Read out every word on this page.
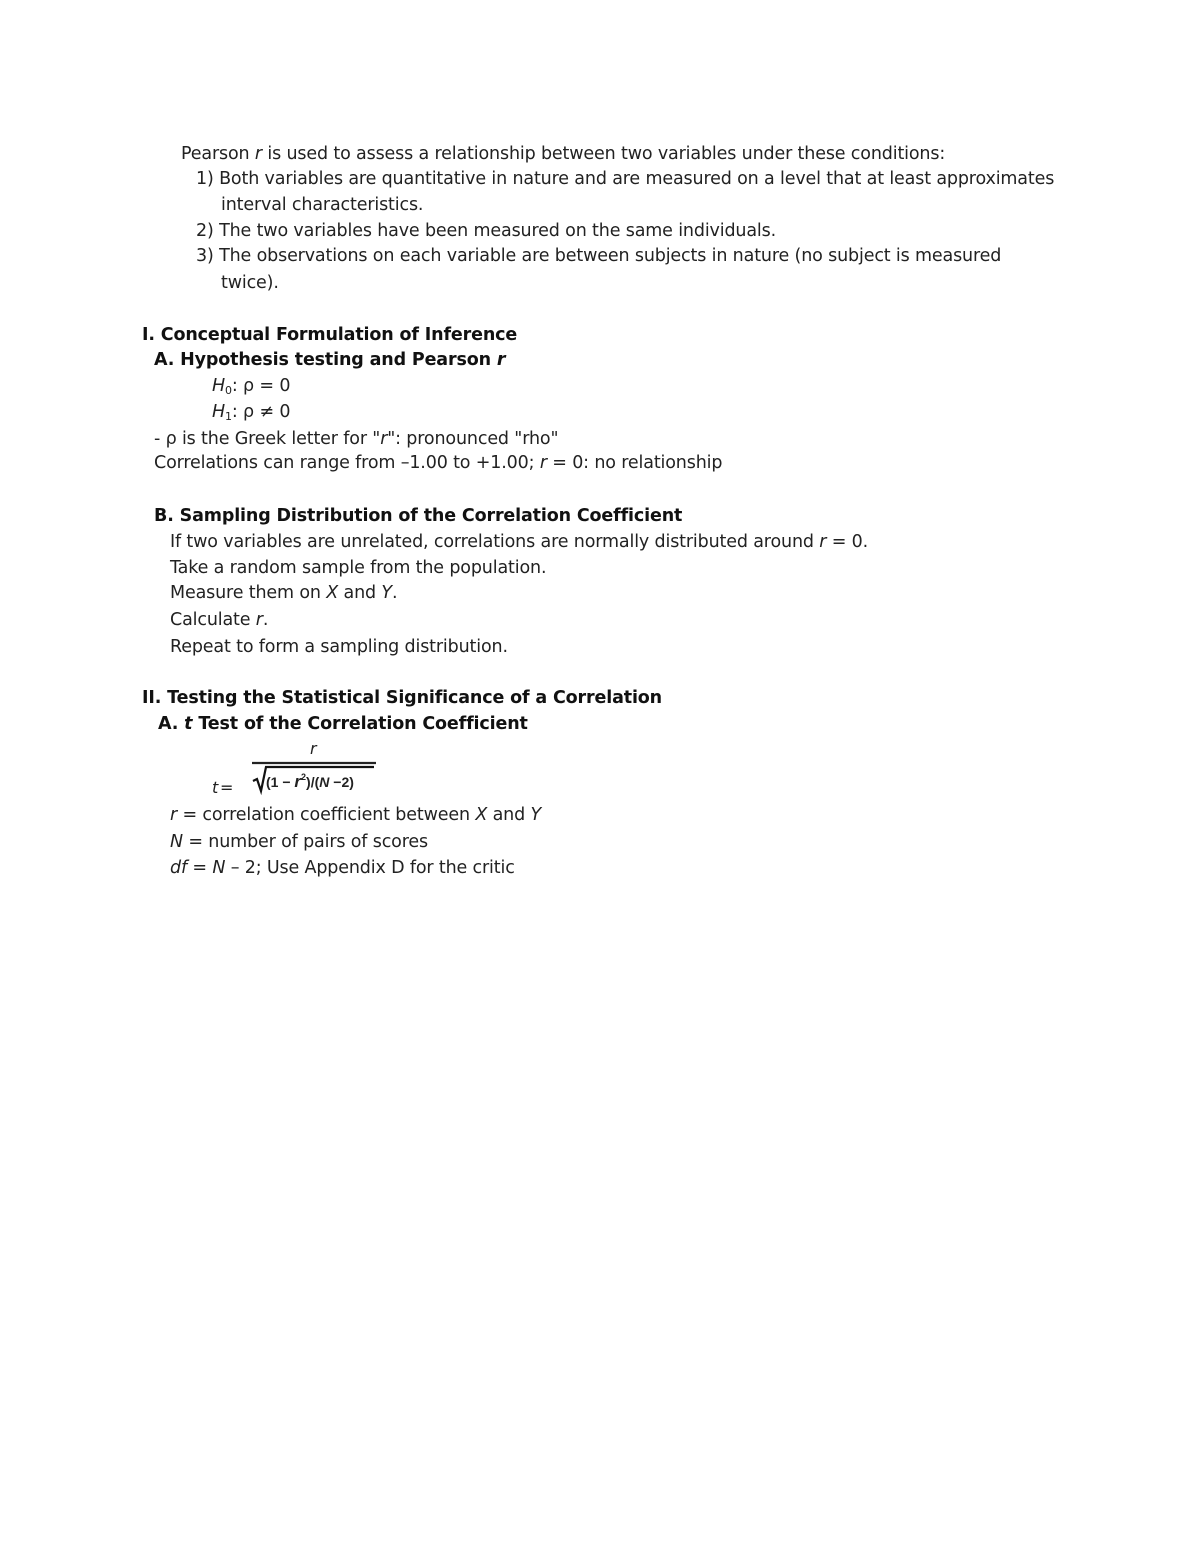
Pearson r is used to assess a relationship between two variables under these conditions:
1) Both variables are quantitative in nature and are measured on a level that at least approximates
interval characteristics.
2) The two variables have been measured on the same individuals.
3) The observations on each variable are between subjects in nature (no subject is measured
twice).
I. Conceptual Formulation of Inference
A. Hypothesis testing and Pearson r
$H_0$: ρ = 0
$H_1$: ρ ≠ 0
- ρ is the Greek letter for "r": pronounced "rho"
Correlations can range from –1.00 to +1.00; r = 0: no relationship
B. Sampling Distribution of the Correlation Coefficient
If two variables are unrelated, correlations are normally distributed around r = 0.
Take a random sample from the population.
Measure them on X and Y.
Calculate r.
Repeat to form a sampling distribution.
II. Testing the Statistical Significance of a Correlation
A. t Test of the Correlation Coefficient
t =
r
$(1 - r^2)/(N -2)$
r = correlation coefficient between X and Y
N = number of pairs of scores
df = N – 2; Use Appendix D for the critic
